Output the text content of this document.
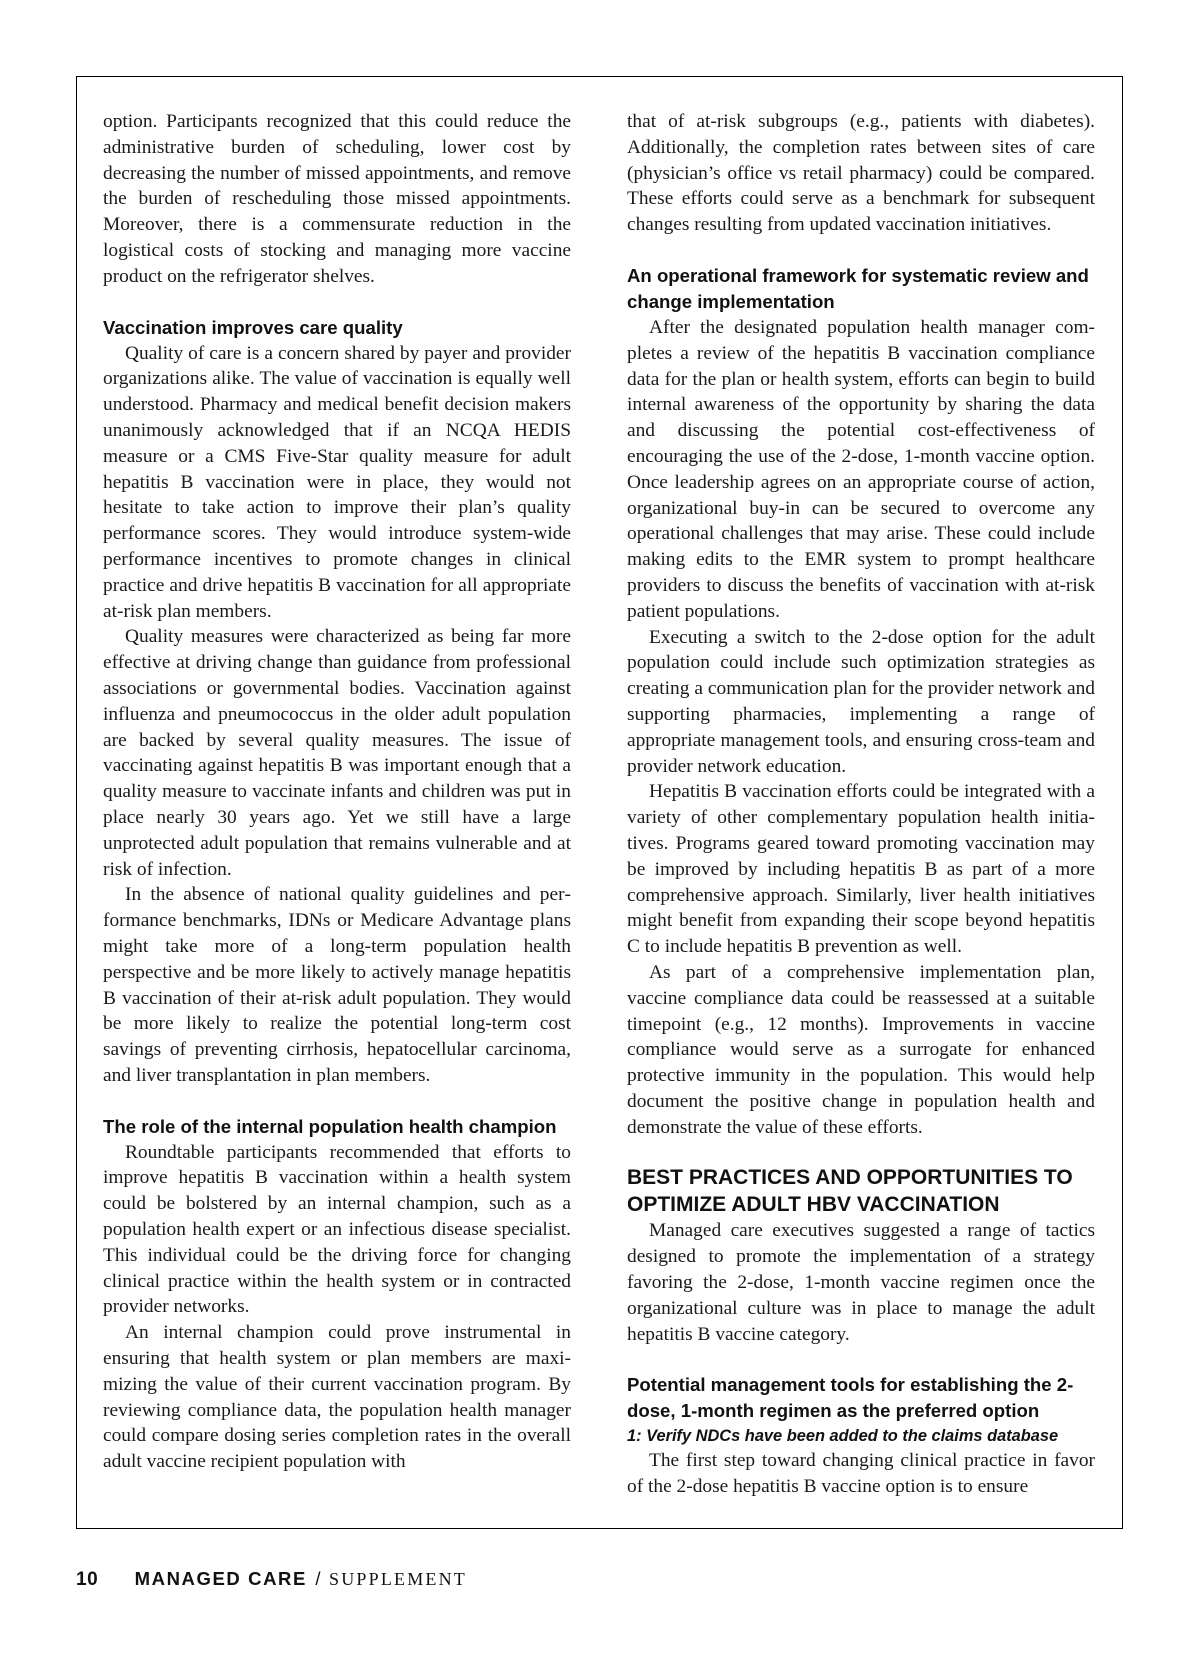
option. Participants recognized that this could reduce the administrative burden of scheduling, lower cost by decreasing the number of missed appointments, and remove the burden of rescheduling those missed appointments. Moreover, there is a commensurate reduction in the logistical costs of stocking and managing more vaccine product on the refrigerator shelves.

Vaccination improves care quality

Quality of care is a concern shared by payer and provider organizations alike. The value of vaccination is equally well understood. Pharmacy and medical benefit decision makers unanimously acknowledged that if an NCQA HEDIS measure or a CMS Five-Star quality measure for adult hepatitis B vaccination were in place, they would not hesitate to take action to improve their plan’s quality performance scores. They would introduce system-wide performance incentives to promote changes in clinical practice and drive hepatitis B vaccination for all appropriate at-risk plan members.

Quality measures were characterized as being far more effective at driving change than guidance from professional associations or governmental bodies. Vaccination against influenza and pneumococcus in the older adult population are backed by several quality measures. The issue of vaccinating against hepatitis B was important enough that a quality measure to vaccinate infants and children was put in place nearly 30 years ago. Yet we still have a large unprotected adult population that remains vulnerable and at risk of infection.

In the absence of national quality guidelines and performance benchmarks, IDNs or Medicare Advantage plans might take more of a long-term population health perspective and be more likely to actively manage hepatitis B vaccination of their at-risk adult population. They would be more likely to realize the potential long-term cost savings of preventing cirrhosis, hepatocellular carcinoma, and liver transplantation in plan members.

The role of the internal population health champion

Roundtable participants recommended that efforts to improve hepatitis B vaccination within a health system could be bolstered by an internal champion, such as a population health expert or an infectious disease specialist. This individual could be the driving force for changing clinical practice within the health system or in contracted provider networks.

An internal champion could prove instrumental in ensuring that health system or plan members are maximizing the value of their current vaccination program. By reviewing compliance data, the population health manager could compare dosing series completion rates in the overall adult vaccine recipient population with

that of at-risk subgroups (e.g., patients with diabetes). Additionally, the completion rates between sites of care (physician’s office vs retail pharmacy) could be compared. These efforts could serve as a benchmark for subsequent changes resulting from updated vaccination initiatives.

An operational framework for systematic review and change implementation

After the designated population health manager completes a review of the hepatitis B vaccination compliance data for the plan or health system, efforts can begin to build internal awareness of the opportunity by sharing the data and discussing the potential cost-effectiveness of encouraging the use of the 2-dose, 1-month vaccine option. Once leadership agrees on an appropriate course of action, organizational buy-in can be secured to overcome any operational challenges that may arise. These could include making edits to the EMR system to prompt healthcare providers to discuss the benefits of vaccination with at-risk patient populations.

Executing a switch to the 2-dose option for the adult population could include such optimization strategies as creating a communication plan for the provider network and supporting pharmacies, implementing a range of appropriate management tools, and ensuring cross-team and provider network education.

Hepatitis B vaccination efforts could be integrated with a variety of other complementary population health initiatives. Programs geared toward promoting vaccination may be improved by including hepatitis B as part of a more comprehensive approach. Similarly, liver health initiatives might benefit from expanding their scope beyond hepatitis C to include hepatitis B prevention as well.

As part of a comprehensive implementation plan, vaccine compliance data could be reassessed at a suitable timepoint (e.g., 12 months). Improvements in vaccine compliance would serve as a surrogate for enhanced protective immunity in the population. This would help document the positive change in population health and demonstrate the value of these efforts.

BEST PRACTICES AND OPPORTUNITIES TO OPTIMIZE ADULT HBV VACCINATION

Managed care executives suggested a range of tactics designed to promote the implementation of a strategy favoring the 2-dose, 1-month vaccine regimen once the organizational culture was in place to manage the adult hepatitis B vaccine category.

Potential management tools for establishing the 2-dose, 1-month regimen as the preferred option

1: Verify NDCs have been added to the claims database

The first step toward changing clinical practice in favor of the 2-dose hepatitis B vaccine option is to ensure

10 MANAGED CARE / SUPPLEMENT
